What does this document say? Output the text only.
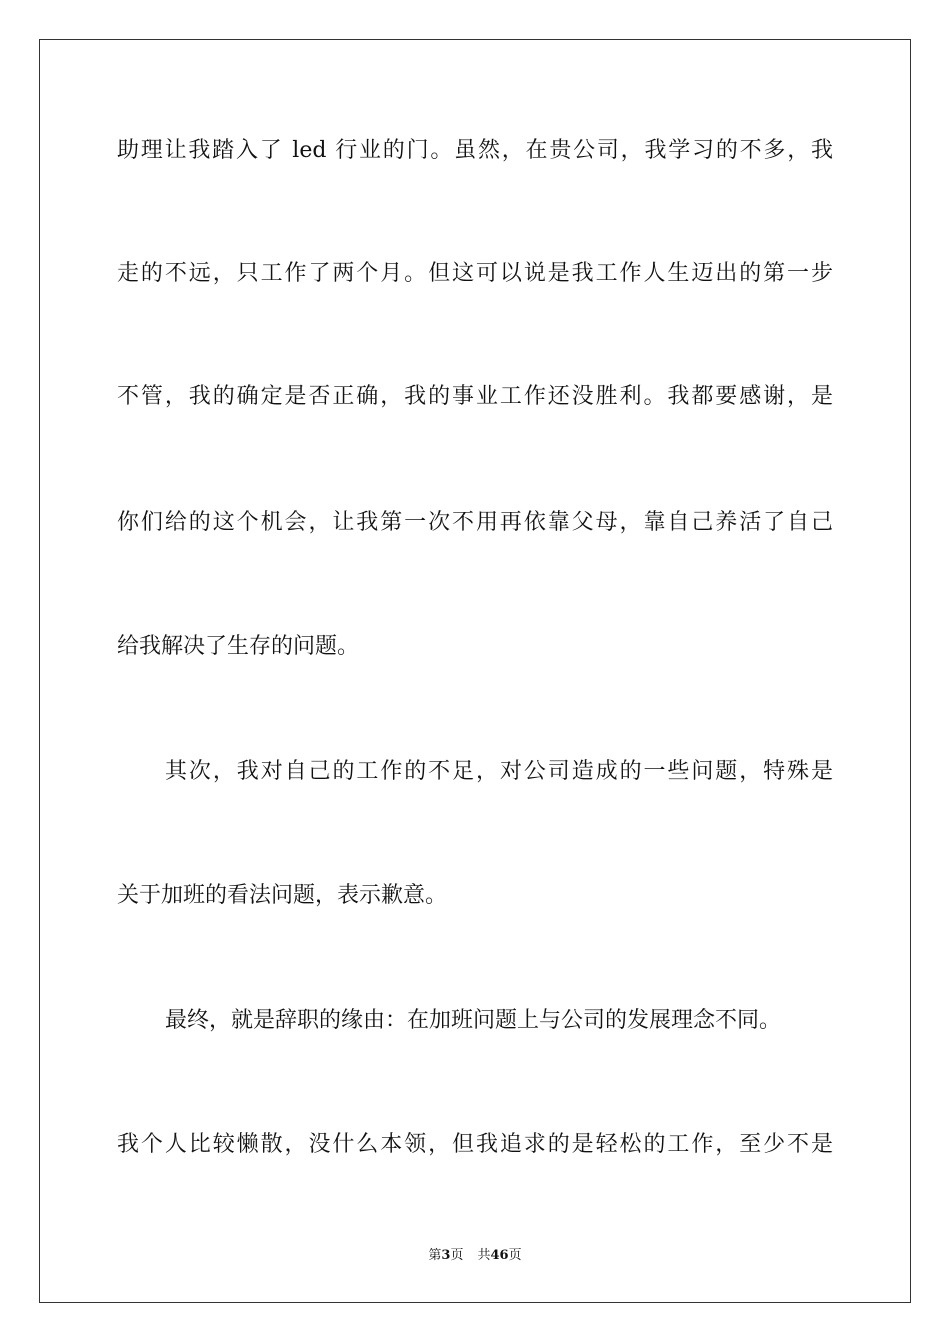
助理让我踏入了 led 行业的门。虽然，在贵公司，我学习的不多，我
走的不远，只工作了两个月。但这可以说是我工作人生迈出的第一步
不管，我的确定是否正确，我的事业工作还没胜利。我都要感谢，是
你们给的这个机会，让我第一次不用再依靠父母，靠自己养活了自己
给我解决了生存的问题。
其次，我对自己的工作的不足，对公司造成的一些问题，特殊是
关于加班的看法问题，表示歉意。
最终，就是辞职的缘由：在加班问题上与公司的发展理念不同。
我个人比较懒散，没什么本领，但我追求的是轻松的工作，至少不是
第3页 共46页
